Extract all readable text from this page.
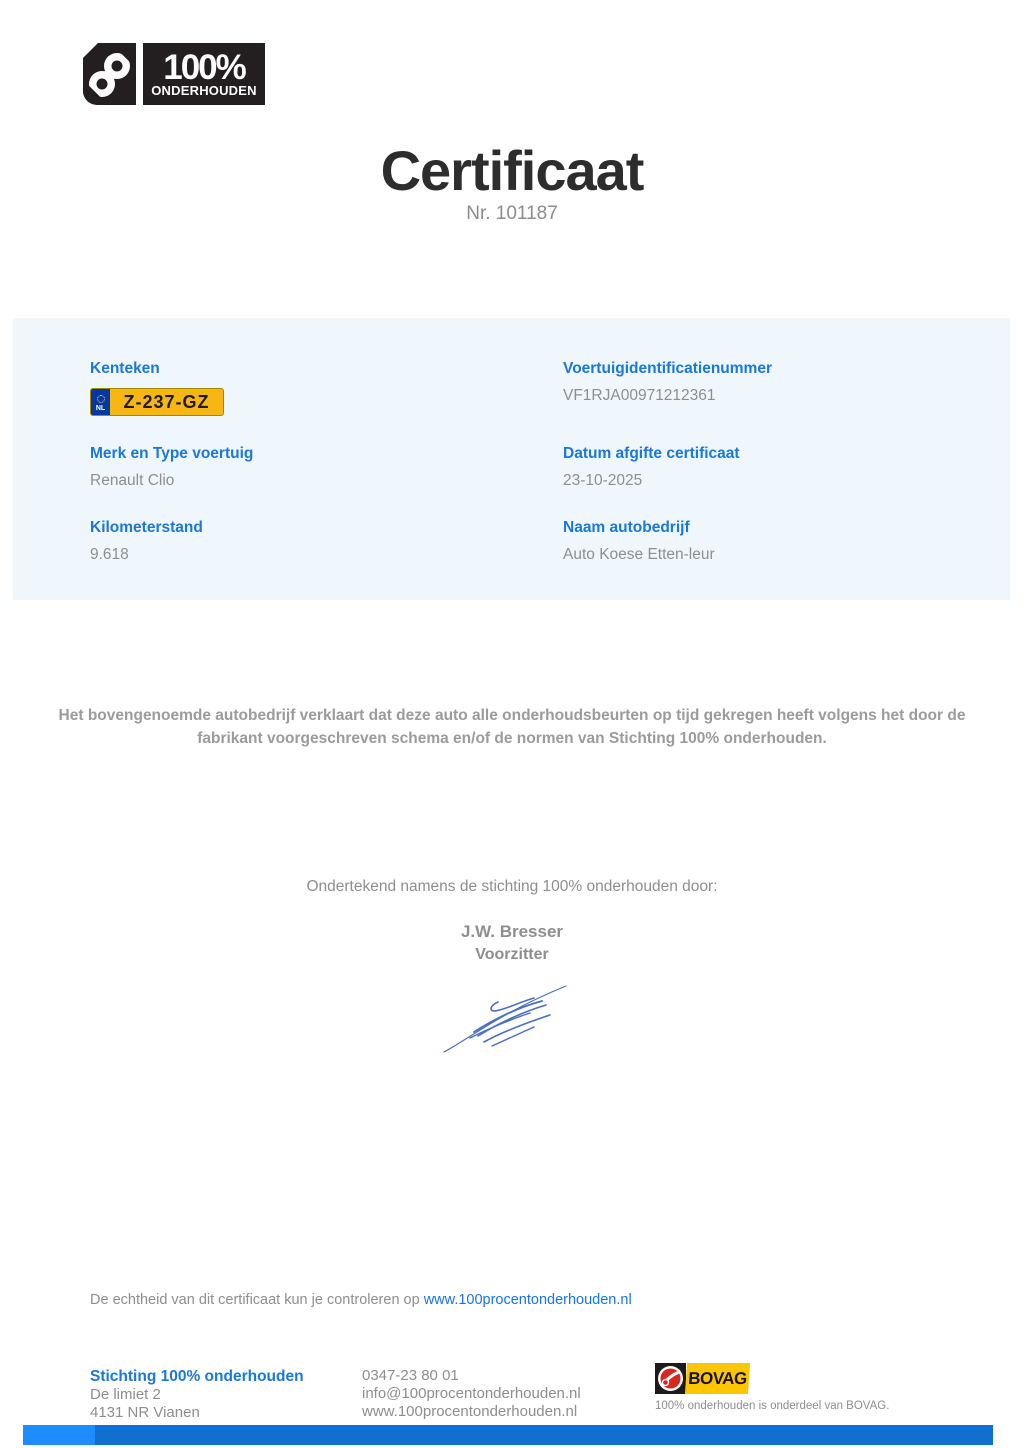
100%
ONDERHOUDEN
Certificaat
Nr. 101187
Kenteken
NL	Z-237-GZ
Merk en Type voertuig
Renault Clio
Kilometerstand
9.618
Voertuigidentificatienummer
VF1RJA00971212361
Datum afgifte certificaat
23-10-2025
Naam autobedrijf
Auto Koese Etten-leur
Het bovengenoemde autobedrijf verklaart dat deze auto alle onderhoudsbeurten op tijd gekregen heeft volgens het door de fabrikant voorgeschreven schema en/of de normen van Stichting 100% onderhouden.
Ondertekend namens de stichting 100% onderhouden door:
J.W. Bresser
Voorzitter
De echtheid van dit certificaat kun je controleren op www.100procentonderhouden.nl
Stichting 100% onderhouden
De limiet 2
4131 NR Vianen
0347-23 80 01
info@100procentonderhouden.nl
www.100procentonderhouden.nl
BOVAG
100% onderhouden is onderdeel van BOVAG.
